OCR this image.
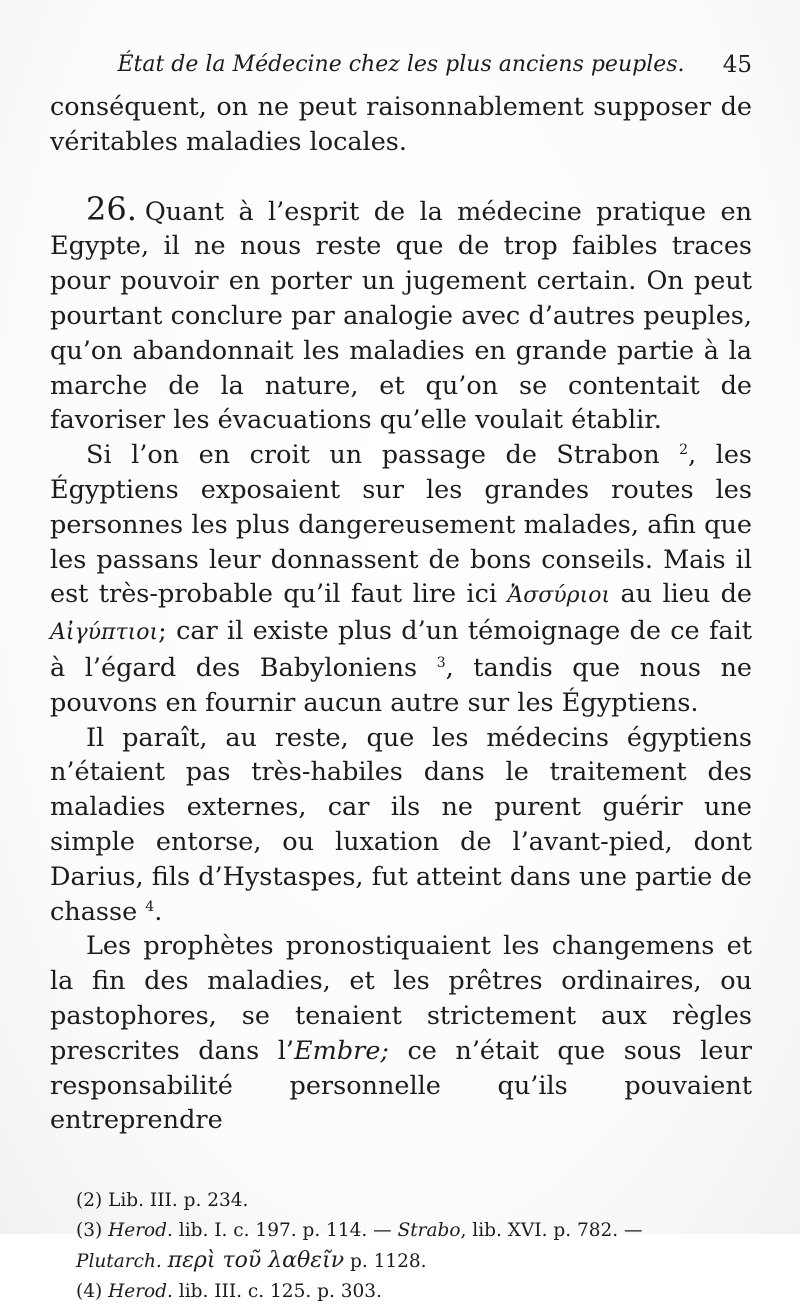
État de la Médecine chez les plus anciens peuples. 45

conséquent, on ne peut raisonnablement supposer de véritables maladies locales.

26. Quant à l’esprit de la médecine pratique en Egypte, il ne nous reste que de trop faibles traces pour pouvoir en porter un jugement certain. On peut pourtant conclure par analogie avec d’autres peuples, qu’on abandonnait les maladies en grande partie à la marche de la nature, et qu’on se contentait de favoriser les évacuations qu’elle voulait établir.

Si l’on en croit un passage de Strabon $^2$, les Égyptiens exposaient sur les grandes routes les personnes les plus dangereusement malades, afin que les passans leur donnassent de bons conseils. Mais il est très-probable qu’il faut lire ici Ἀσσύριοι au lieu de Αἰγύπτιοι; car il existe plus d’un témoignage de ce fait à l’égard des Babyloniens $^3$, tandis que nous ne pouvons en fournir aucun autre sur les Égyptiens.

Il paraît, au reste, que les médecins égyptiens n’étaient pas très-habiles dans le traitement des maladies externes, car ils ne purent guérir une simple entorse, ou luxation de l’avant-pied, dont Darius, fils d’Hystaspes, fut atteint dans une partie de chasse $^4$.

Les prophètes pronostiquaient les changemens et la fin des maladies, et les prêtres ordinaires, ou pastophores, se tenaient strictement aux règles prescrites dans l’Embre; ce n’était que sous leur responsabilité personnelle qu’ils pouvaient entreprendre

(2) Lib. III. p. 234.
(3) Herod. lib. I. c. 197. p. 114. — Strabo, lib. XVI. p. 782. —
Plutarch. περὶ τοῦ λαθεῖν p. 1128.
(4) Herod. lib. III. c. 125. p. 303.
